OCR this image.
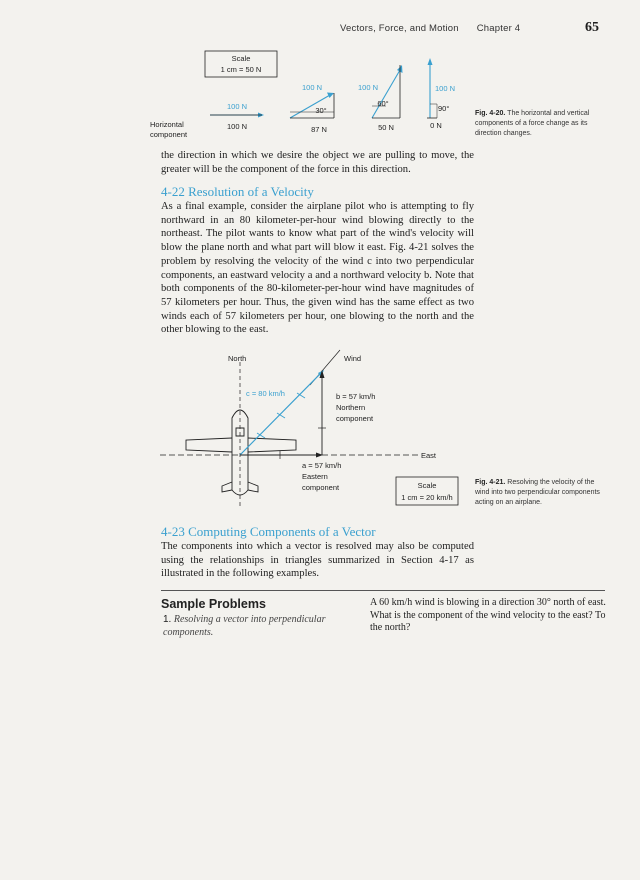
Vectors, Force, and Motion Chapter 4	65
Scale
1 cm = 50 N
Horizontal
component
100 N
100 N
100 N
30°
87 N
100 N
60°
50 N
100 N
90°
0 N
Fig. 4-20. The horizontal and vertical components of a force change as its direction changes.
the direction in which we desire the object we are pulling to move, the greater will be the component of the force in this direction.
4-22 Resolution of a Velocity
As a final example, consider the airplane pilot who is attempting to fly northward in an 80 kilometer-per-hour wind blowing directly to the northeast. The pilot wants to know what part of the wind's velocity will blow the plane north and what part will blow it east. Fig. 4-21 solves the problem by resolving the velocity of the wind c into two perpendicular components, an eastward velocity a and a northward velocity b. Note that both components of the 80-kilometer-per-hour wind have magnitudes of 57 kilometers per hour. Thus, the given wind has the same effect as two winds each of 57 kilometers per hour, one blowing to the north and the other blowing to the east.
North
East
Wind
c = 80 km/h	b = 57 km/h
Northern
component
a = 57 km/h
Eastern
component	Scale
1 cm = 20 km/h
Fig. 4-21. Resolving the velocity of the wind into two perpendicular components acting on an airplane.
4-23 Computing Components of a Vector
The components into which a vector is resolved may also be computed using the relationships in triangles summarized in Section 4-17 as illustrated in the following examples.
Sample Problems
1. Resolving a vector into perpendicular components.
A 60 km/h wind is blowing in a direction 30° north of east. What is the component of the wind velocity to the east? To the north?
